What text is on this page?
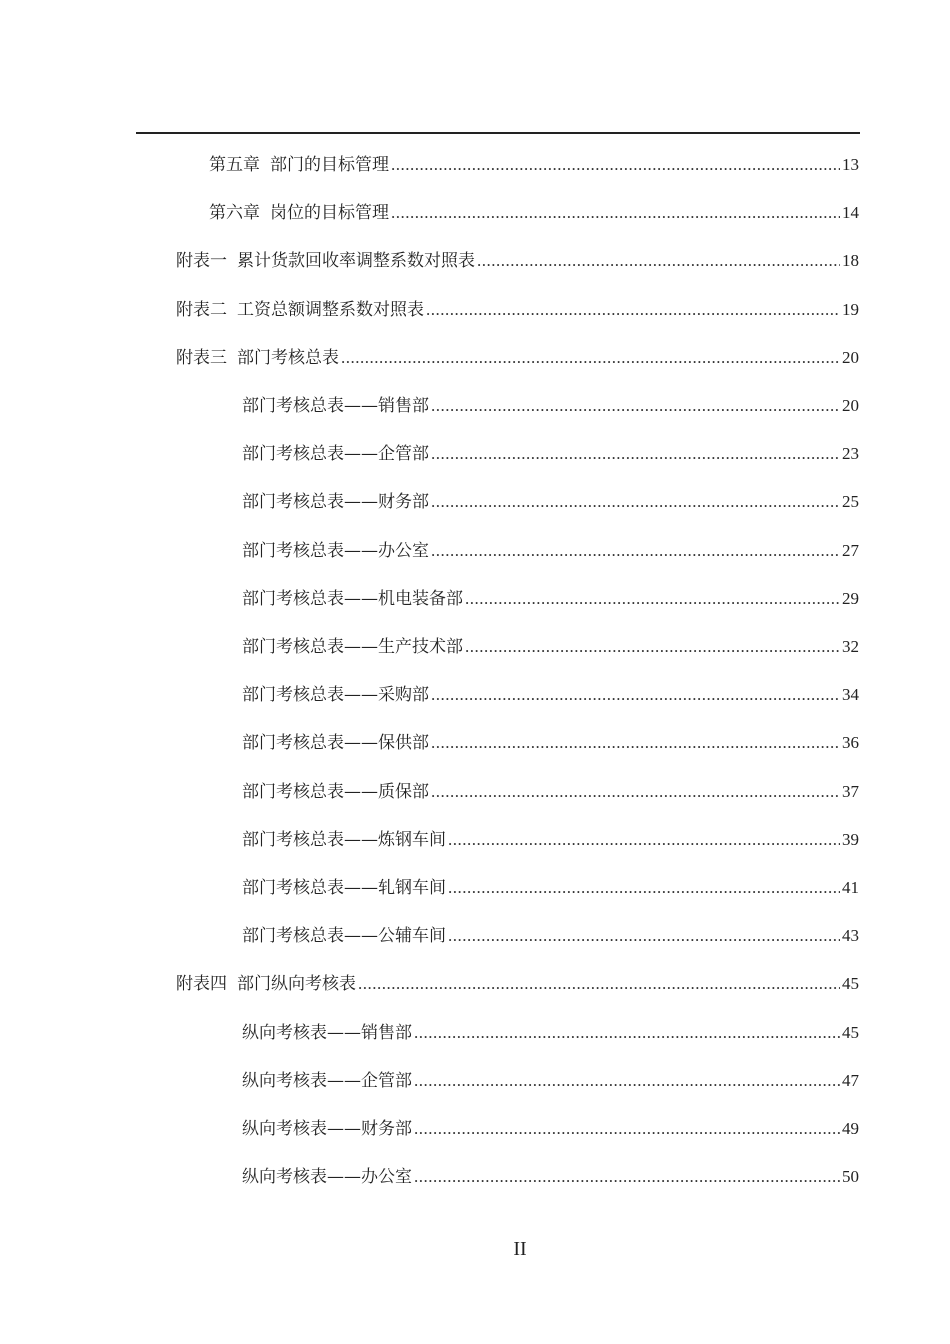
第五章 部门的目标管理 .....	13
第六章 岗位的目标管理 .....	14
附表一 累计货款回收率调整系数对照表 .....	18
附表二 工资总额调整系数对照表 .....	19
附表三 部门考核总表 .....	20
部门考核总表——销售部 .....	20
部门考核总表——企管部 .....	23
部门考核总表——财务部 .....	25
部门考核总表——办公室 .....	27
部门考核总表——机电装备部 .....	29
部门考核总表——生产技术部 .....	32
部门考核总表——采购部 .....	34
部门考核总表——保供部 .....	36
部门考核总表——质保部 .....	37
部门考核总表——炼钢车间 .....	39
部门考核总表——轧钢车间 .....	41
部门考核总表——公辅车间 .....	43
附表四 部门纵向考核表 .....	45
纵向考核表——销售部 .....	45
纵向考核表——企管部 .....	47
纵向考核表——财务部 .....	49
纵向考核表——办公室 .....	50
II
